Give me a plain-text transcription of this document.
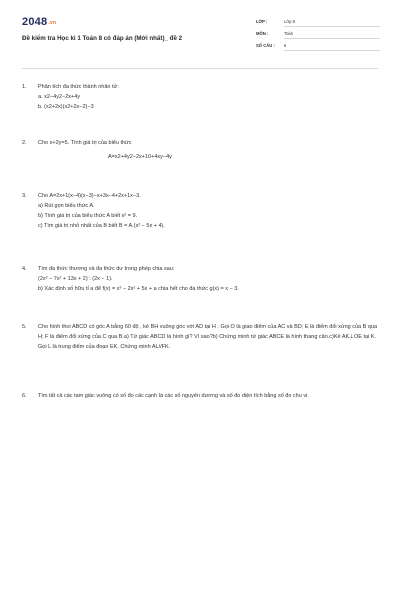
2048.vn
Đề kiểm tra Học kì 1 Toán 8 có đáp án (Mới nhất)_ đề 2
LỚP :	Lớp 8
MÔN :	Toán
SỐ CÂU : 6
1. Phân tích đa thức thành nhân tử:
a. x2−4y2−2x+4y
b. (x2+2x)(x2+2x−2)−3
2. Cho x+2y=5. Tính giá trị của biểu thức
A=x2+4y2−2x+10+4xy−4y
3. Cho A=2x+1(x−4)(x−3)−x+3x−4+2x+1x−3.
a) Rút gọn biểu thức A.
b) Tính giá trị của biểu thức A biết x² = 9.
c) Tìm giá trị nhỏ nhất của B biết B = A.(x² − 5x + 4).
4. Tìm đa thức thương và đa thức dư trong phép chia sau:
(2x³ − 7x² + 13x + 2) : (2x − 1).
b) Xác định số hữu tỉ a để f(x) = x³ − 2x² + 5x + a chia hết cho đa thức g(x) = x − 3.
5. Cho hình thoi ABCD có góc A bằng 60 độ , kẻ BH vuông góc với AD tại H . Gọi O là giao điểm của AC và BD; E là điểm đối xứng của B qua H; F là điểm đối xứng của C qua B.a) Tứ giác ABCD là hình gì? Vì sao?b) Chứng minh tứ giác ABCE là hình thang cân.c)Kẻ AK⊥OE tại K. Gọi L là trung điểm của đoạn EK. Chứng minh AL//FK.
6. Tìm tất cả các tam giác vuông có số đo các cạnh là các số nguyên dương và số đo diện tích bằng số đo chu vi.
